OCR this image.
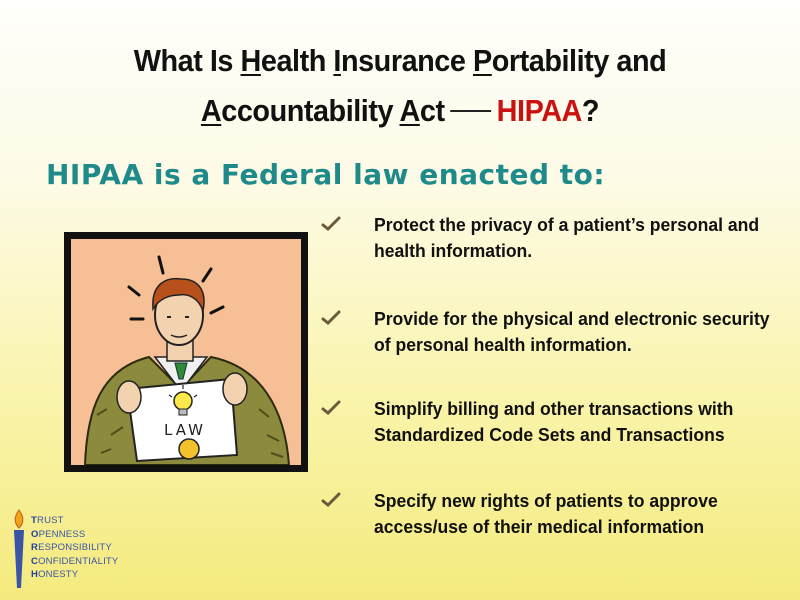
What Is Health Insurance Portability and
Accountability Act HIPAA?
HIPAA is a Federal law enacted to:
LAW
Protect the privacy of a patient’s personal and health information.
Provide for the physical and electronic security of personal health information.
Simplify billing and other transactions with Standardized Code Sets and Transactions
Specify new rights of patients to approve access/use of their medical information
TRUST
OPENNESS
RESPONSIBILITY
CONFIDENTIALITY
HONESTY
